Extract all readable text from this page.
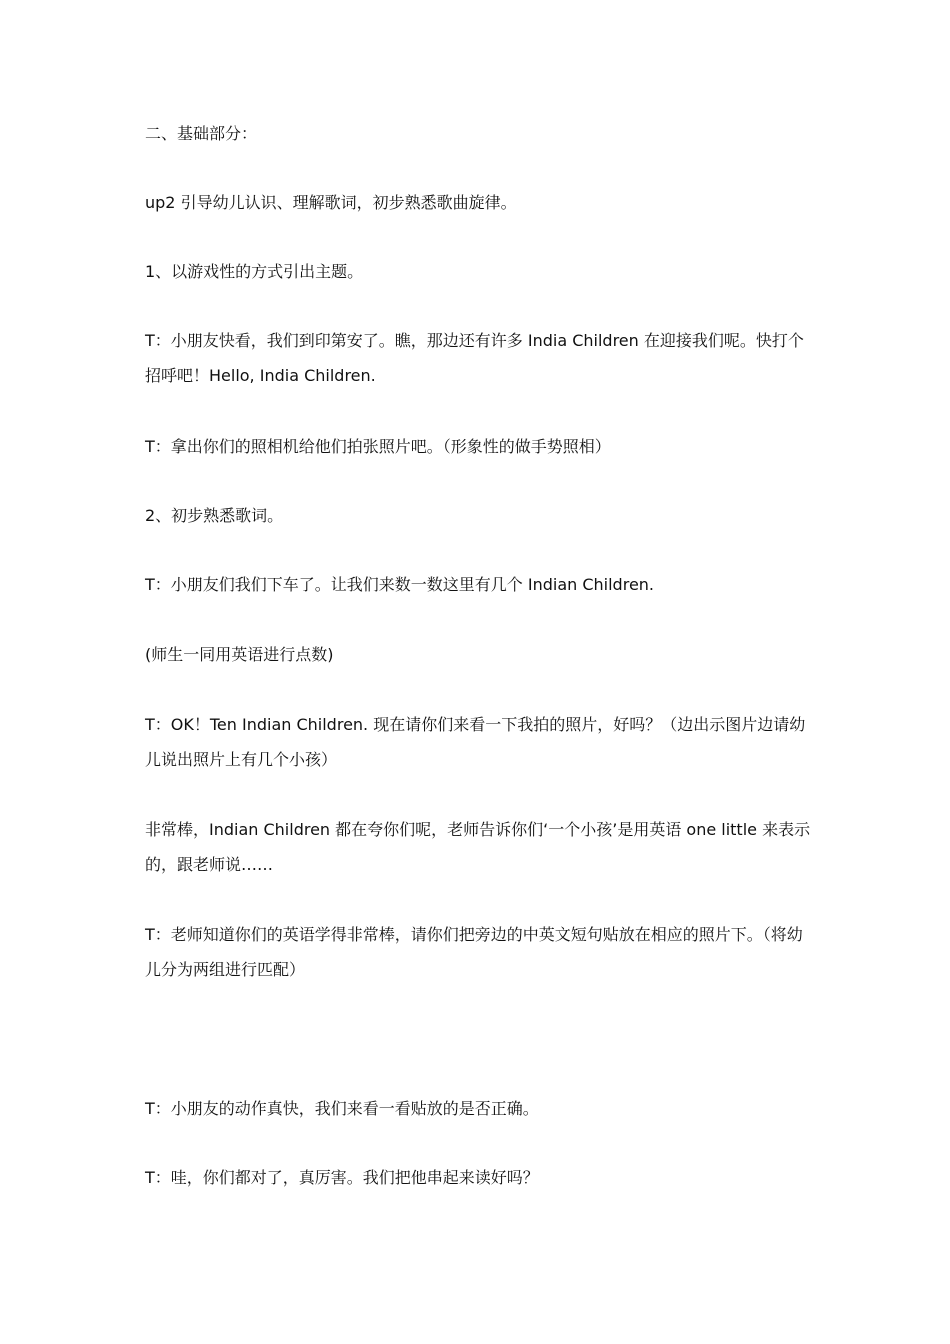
二、基础部分：
up2 引导幼儿认识、理解歌词，初步熟悉歌曲旋律。
1、以游戏性的方式引出主题。
T：小朋友快看，我们到印第安了。瞧，那边还有许多 India Children 在迎接我们呢。快打个招呼吧！Hello, India Children.
T：拿出你们的照相机给他们拍张照片吧。（形象性的做手势照相）
2、初步熟悉歌词。
T：小朋友们我们下车了。让我们来数一数这里有几个 Indian Children.
(师生一同用英语进行点数)
T：OK！Ten Indian Children. 现在请你们来看一下我拍的照片，好吗？（边出示图片边请幼儿说出照片上有几个小孩）
非常棒，Indian Children 都在夸你们呢，老师告诉你们‘一个小孩’是用英语 one little 来表示的，跟老师说……
T：老师知道你们的英语学得非常棒，请你们把旁边的中英文短句贴放在相应的照片下。（将幼儿分为两组进行匹配）
T：小朋友的动作真快，我们来看一看贴放的是否正确。
T：哇，你们都对了，真厉害。我们把他串起来读好吗？
